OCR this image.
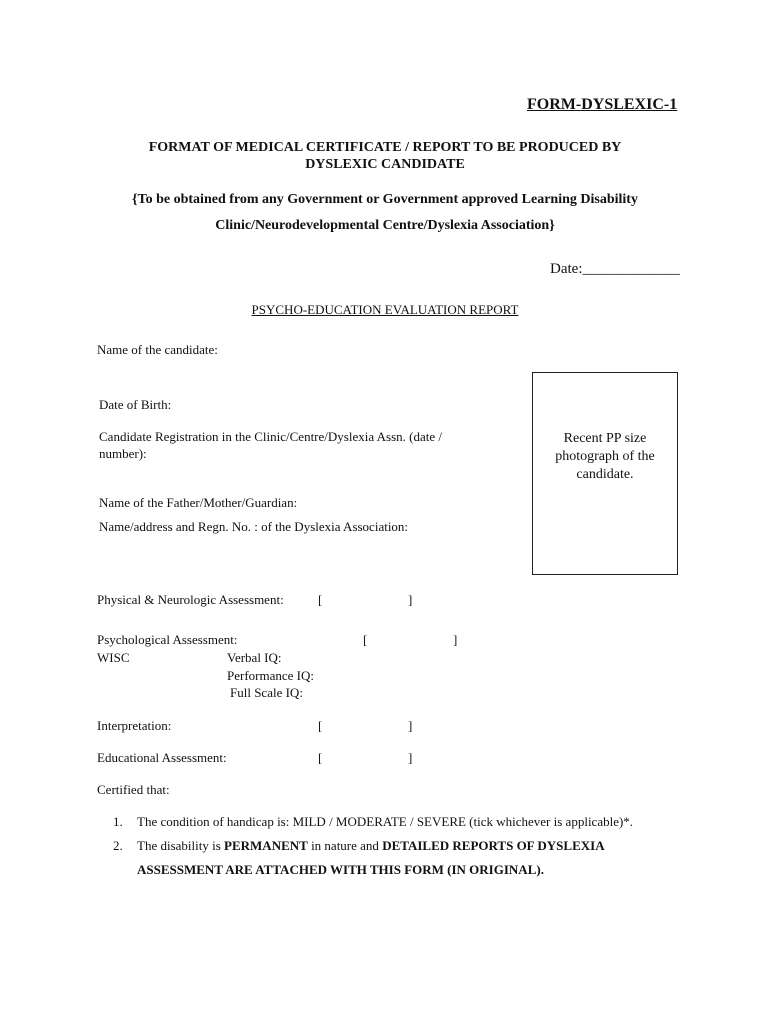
FORM-DYSLEXIC-1
FORMAT OF MEDICAL CERTIFICATE / REPORT TO BE PRODUCED BY
DYSLEXIC CANDIDATE
{To be obtained from any Government or Government approved Learning Disability
Clinic/Neurodevelopmental Centre/Dyslexia Association}
Date:_____________
PSYCHO-EDUCATION EVALUATION REPORT
Name of the candidate:
Date of Birth:
Candidate Registration in the Clinic/Centre/Dyslexia Assn. (date /
number):
Name of the Father/Mother/Guardian:
Name/address and Regn. No. : of the Dyslexia Association:
Recent PP size photograph of the candidate.
Physical & Neurologic Assessment:	[	]
Psychological Assessment:	[	]
WISC	Verbal IQ:
Performance IQ:
Full Scale IQ:
Interpretation:	[	]
Educational Assessment:	[	]
Certified that:
1. The condition of handicap is: MILD / MODERATE / SEVERE (tick whichever is applicable)*.
2. The disability is PERMANENT in nature and DETAILED REPORTS OF DYSLEXIA
ASSESSMENT ARE ATTACHED WITH THIS FORM (IN ORIGINAL).
